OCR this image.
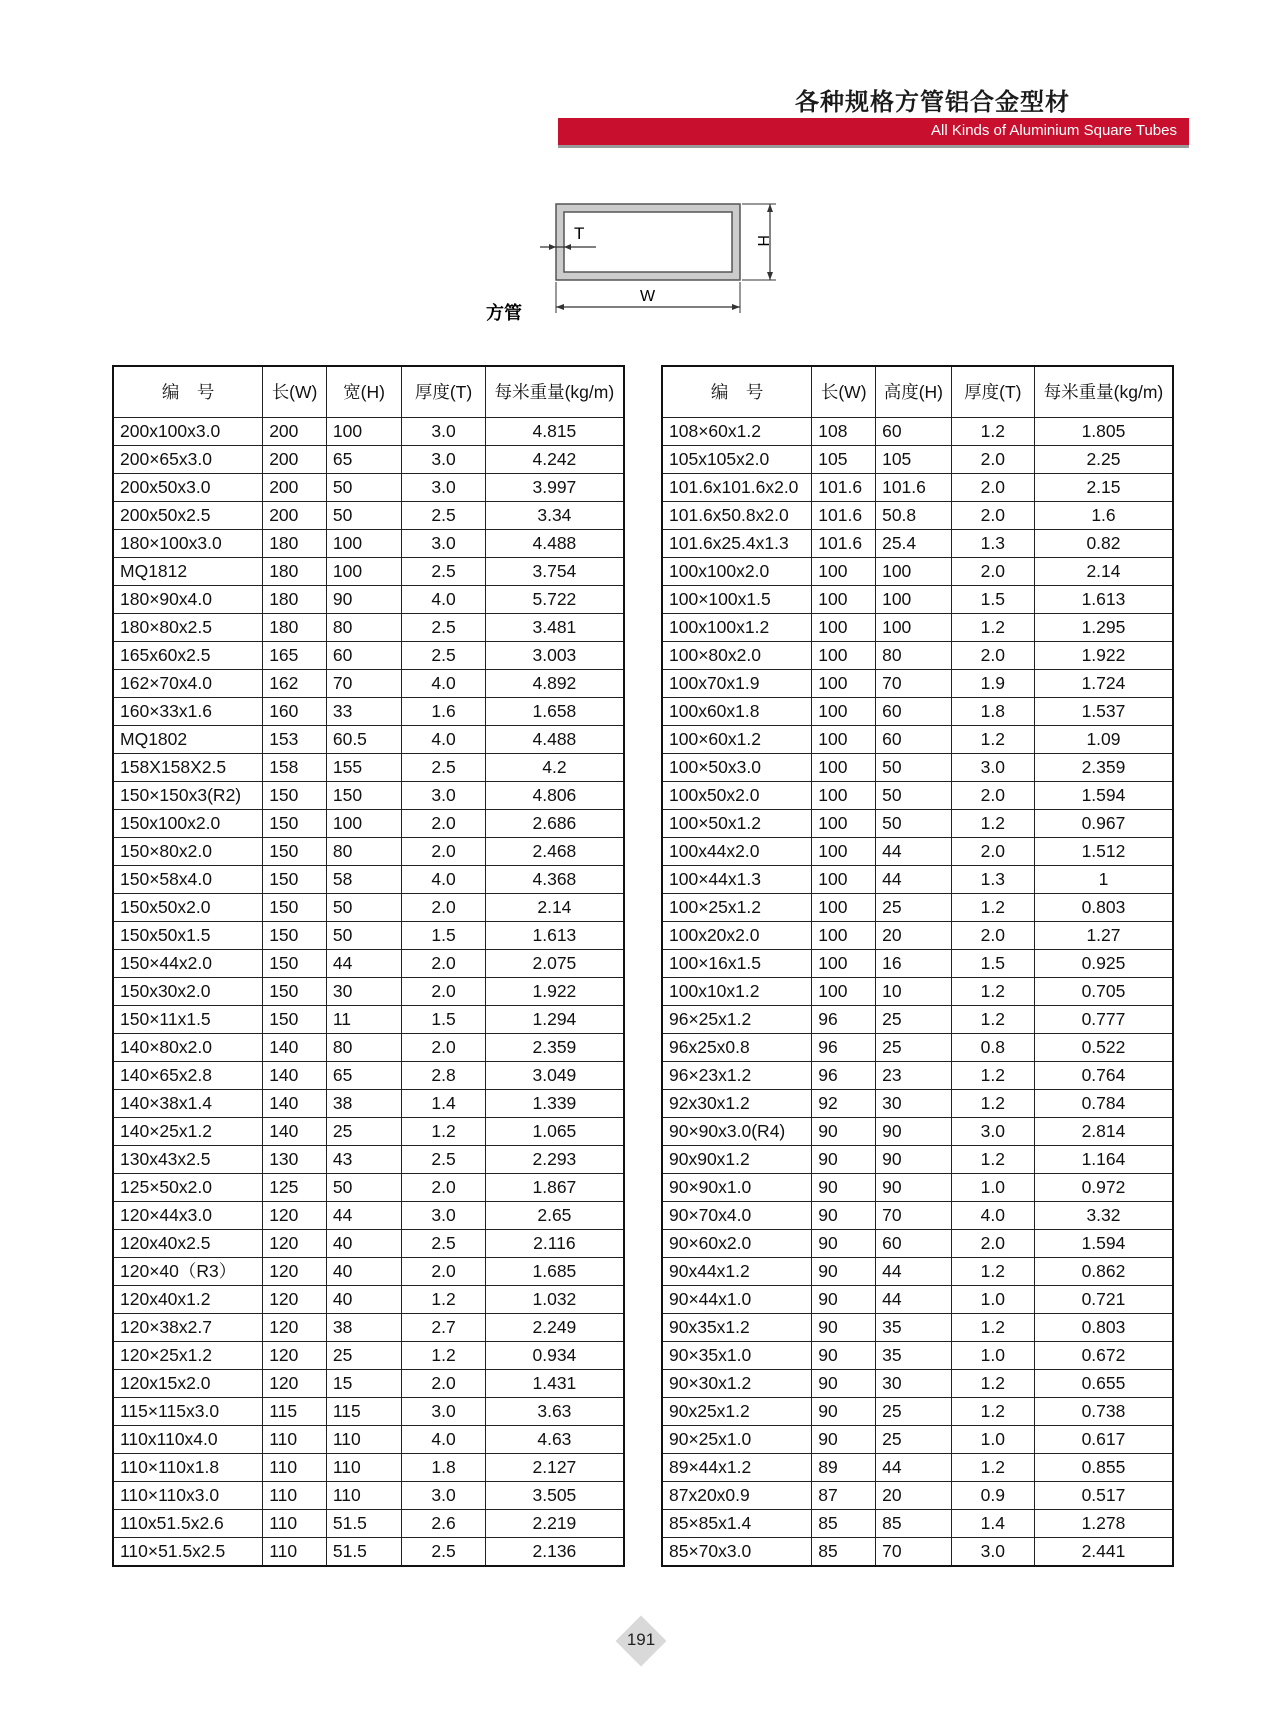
各种规格方管铝合金型材
All Kinds of Aluminium Square Tubes
T	H
W
方管
编　号	长(W)	宽(H)	厚度(T)	每米重量(kg/m)
200x100x3.0	200	100	3.0	4.815
200×65x3.0	200	65	3.0	4.242
200x50x3.0	200	50	3.0	3.997
200x50x2.5	200	50	2.5	3.34
180×100x3.0	180	100	3.0	4.488
MQ1812	180	100	2.5	3.754
180×90x4.0	180	90	4.0	5.722
180×80x2.5	180	80	2.5	3.481
165x60x2.5	165	60	2.5	3.003
162×70x4.0	162	70	4.0	4.892
160×33x1.6	160	33	1.6	1.658
MQ1802	153	60.5	4.0	4.488
158X158X2.5	158	155	2.5	4.2
150×150x3(R2)	150	150	3.0	4.806
150x100x2.0	150	100	2.0	2.686
150×80x2.0	150	80	2.0	2.468
150×58x4.0	150	58	4.0	4.368
150x50x2.0	150	50	2.0	2.14
150x50x1.5	150	50	1.5	1.613
150×44x2.0	150	44	2.0	2.075
150x30x2.0	150	30	2.0	1.922
150×11x1.5	150	11	1.5	1.294
140×80x2.0	140	80	2.0	2.359
140×65x2.8	140	65	2.8	3.049
140×38x1.4	140	38	1.4	1.339
140×25x1.2	140	25	1.2	1.065
130x43x2.5	130	43	2.5	2.293
125×50x2.0	125	50	2.0	1.867
120×44x3.0	120	44	3.0	2.65
120x40x2.5	120	40	2.5	2.116
120×40（R3）	120	40	2.0	1.685
120x40x1.2	120	40	1.2	1.032
120×38x2.7	120	38	2.7	2.249
120×25x1.2	120	25	1.2	0.934
120x15x2.0	120	15	2.0	1.431
115×115x3.0	115	115	3.0	3.63
110x110x4.0	110	110	4.0	4.63
110×110x1.8	110	110	1.8	2.127
110×110x3.0	110	110	3.0	3.505
110x51.5x2.6	110	51.5	2.6	2.219
110×51.5x2.5	110	51.5	2.5	2.136
编　号	长(W)	高度(H)	厚度(T)	每米重量(kg/m)
108×60x1.2	108	60	1.2	1.805
105x105x2.0	105	105	2.0	2.25
101.6x101.6x2.0	101.6	101.6	2.0	2.15
101.6x50.8x2.0	101.6	50.8	2.0	1.6
101.6x25.4x1.3	101.6	25.4	1.3	0.82
100x100x2.0	100	100	2.0	2.14
100×100x1.5	100	100	1.5	1.613
100x100x1.2	100	100	1.2	1.295
100×80x2.0	100	80	2.0	1.922
100x70x1.9	100	70	1.9	1.724
100x60x1.8	100	60	1.8	1.537
100×60x1.2	100	60	1.2	1.09
100×50x3.0	100	50	3.0	2.359
100x50x2.0	100	50	2.0	1.594
100×50x1.2	100	50	1.2	0.967
100x44x2.0	100	44	2.0	1.512
100×44x1.3	100	44	1.3	1
100×25x1.2	100	25	1.2	0.803
100x20x2.0	100	20	2.0	1.27
100×16x1.5	100	16	1.5	0.925
100x10x1.2	100	10	1.2	0.705
96×25x1.2	96	25	1.2	0.777
96x25x0.8	96	25	0.8	0.522
96×23x1.2	96	23	1.2	0.764
92x30x1.2	92	30	1.2	0.784
90×90x3.0(R4)	90	90	3.0	2.814
90x90x1.2	90	90	1.2	1.164
90×90x1.0	90	90	1.0	0.972
90×70x4.0	90	70	4.0	3.32
90×60x2.0	90	60	2.0	1.594
90x44x1.2	90	44	1.2	0.862
90×44x1.0	90	44	1.0	0.721
90x35x1.2	90	35	1.2	0.803
90×35x1.0	90	35	1.0	0.672
90×30x1.2	90	30	1.2	0.655
90x25x1.2	90	25	1.2	0.738
90×25x1.0	90	25	1.0	0.617
89×44x1.2	89	44	1.2	0.855
87x20x0.9	87	20	0.9	0.517
85×85x1.4	85	85	1.4	1.278
85×70x3.0	85	70	3.0	2.441
191
